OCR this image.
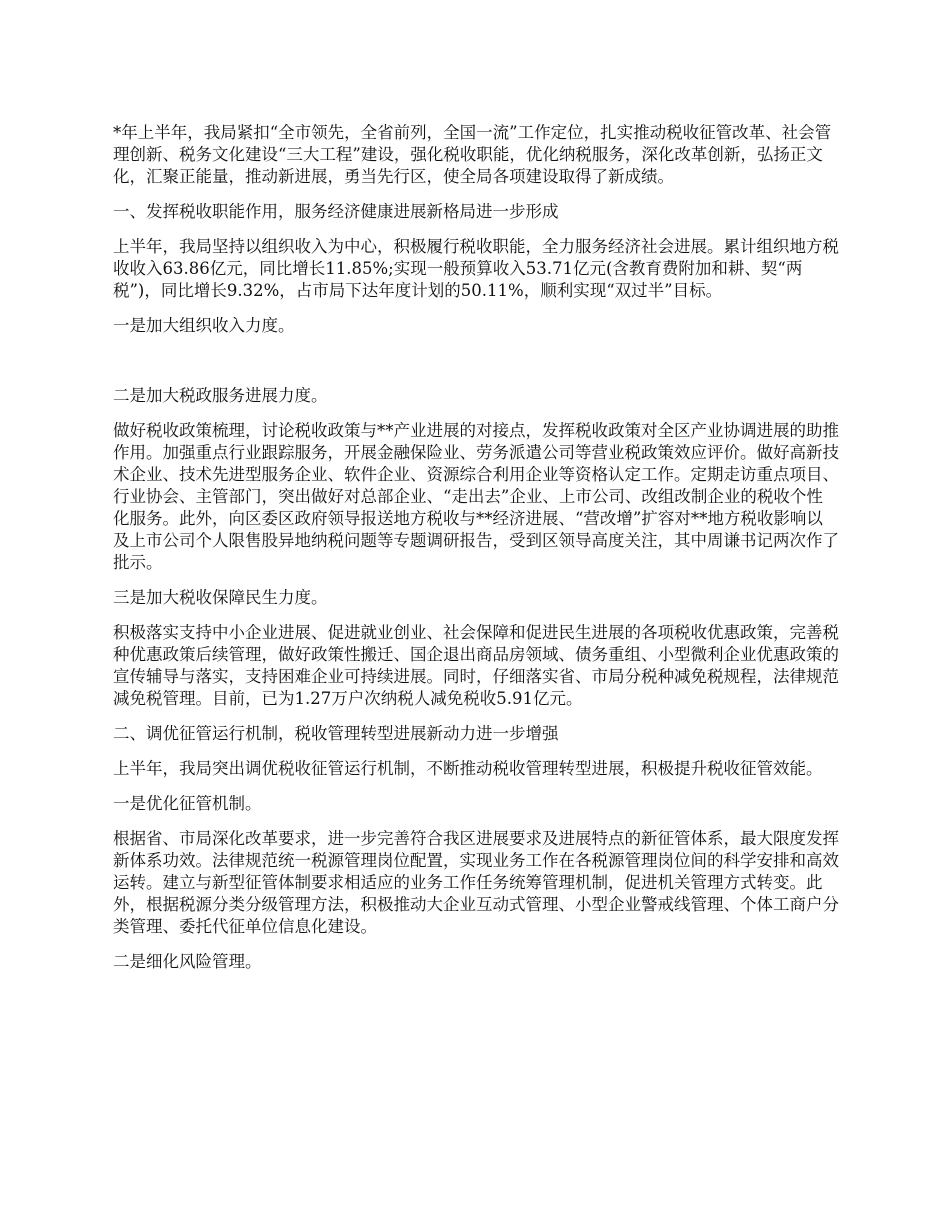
*年上半年，我局紧扣“全市领先，全省前列，全国一流”工作定位，扎实推动税收征管改革、社会管理创新、税务文化建设“三大工程”建设，强化税收职能，优化纳税服务，深化改革创新，弘扬正文化，汇聚正能量，推动新进展，勇当先行区，使全局各项建设取得了新成绩。

一、发挥税收职能作用，服务经济健康进展新格局进一步形成

上半年，我局坚持以组织收入为中心，积极履行税收职能，全力服务经济社会进展。累计组织地方税收收入63.86亿元，同比增长11.85%;实现一般预算收入53.71亿元(含教育费附加和耕、契“两税”)，同比增长9.32%，占市局下达年度计划的50.11%，顺利实现“双过半”目标。

一是加大组织收入力度。

二是加大税政服务进展力度。

做好税收政策梳理，讨论税收政策与**产业进展的对接点，发挥税收政策对全区产业协调进展的助推作用。加强重点行业跟踪服务，开展金融保险业、劳务派遣公司等营业税政策效应评价。做好高新技术企业、技术先进型服务企业、软件企业、资源综合利用企业等资格认定工作。定期走访重点项目、行业协会、主管部门，突出做好对总部企业、“走出去”企业、上市公司、改组改制企业的税收个性化服务。此外，向区委区政府领导报送地方税收与**经济进展、“营改增”扩容对**地方税收影响以及上市公司个人限售股异地纳税问题等专题调研报告，受到区领导高度关注，其中周谦书记两次作了批示。

三是加大税收保障民生力度。

积极落实支持中小企业进展、促进就业创业、社会保障和促进民生进展的各项税收优惠政策，完善税种优惠政策后续管理，做好政策性搬迁、国企退出商品房领域、债务重组、小型微利企业优惠政策的宣传辅导与落实，支持困难企业可持续进展。同时，仔细落实省、市局分税种减免税规程，法律规范减免税管理。目前，已为1.27万户次纳税人减免税收5.91亿元。

二、调优征管运行机制，税收管理转型进展新动力进一步增强

上半年，我局突出调优税收征管运行机制，不断推动税收管理转型进展，积极提升税收征管效能。

一是优化征管机制。

根据省、市局深化改革要求，进一步完善符合我区进展要求及进展特点的新征管体系，最大限度发挥新体系功效。法律规范统一税源管理岗位配置，实现业务工作在各税源管理岗位间的科学安排和高效运转。建立与新型征管体制要求相适应的业务工作任务统筹管理机制，促进机关管理方式转变。此外，根据税源分类分级管理方法，积极推动大企业互动式管理、小型企业警戒线管理、个体工商户分类管理、委托代征单位信息化建设。

二是细化风险管理。
